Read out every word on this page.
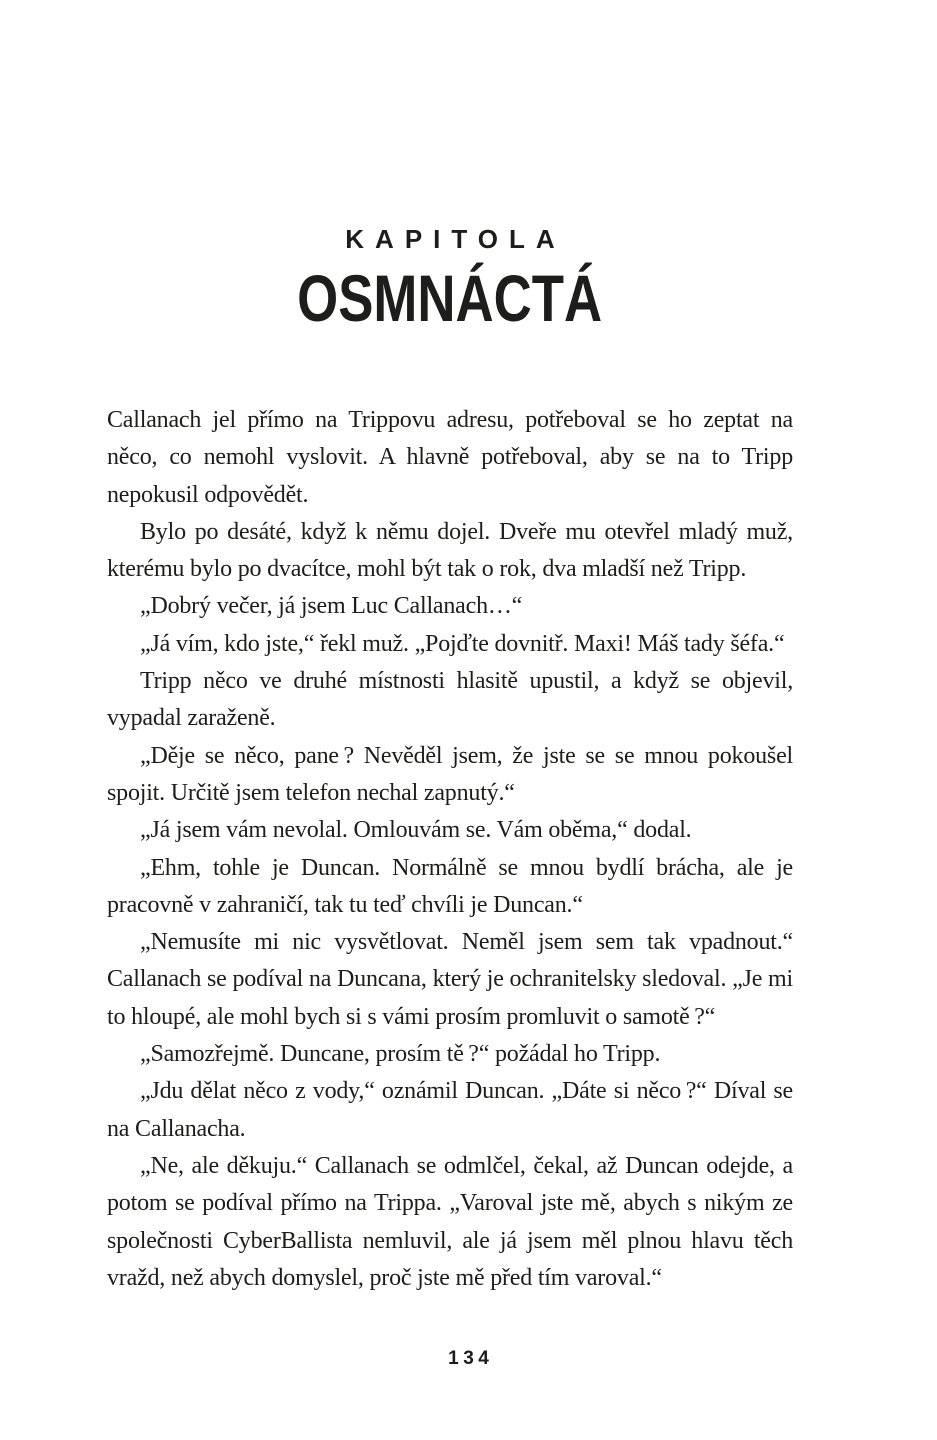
KAPITOLA
OSMNÁCTÁ

Callanach jel přímo na Trippovu adresu, potřeboval se ho zeptat na něco, co nemohl vyslovit. A hlavně potřeboval, aby se na to Tripp nepokusil odpovědět.

Bylo po desáté, když k němu dojel. Dveře mu otevřel mladý muž, kterému bylo po dvacítce, mohl být tak o rok, dva mladší než Tripp.

„Dobrý večer, já jsem Luc Callanach…“

„Já vím, kdo jste,“ řekl muž. „Pojďte dovnitř. Maxi! Máš tady šéfa.“

Tripp něco ve druhé místnosti hlasitě upustil, a když se objevil, vypadal zaraženě.

„Děje se něco, pane ? Nevěděl jsem, že jste se se mnou pokoušel spojit. Určitě jsem telefon nechal zapnutý.“

„Já jsem vám nevolal. Omlouvám se. Vám oběma,“ dodal.

„Ehm, tohle je Duncan. Normálně se mnou bydlí brácha, ale je pracovně v zahraničí, tak tu teď chvíli je Duncan.“

„Nemusíte mi nic vysvětlovat. Neměl jsem sem tak vpadnout.“ Callanach se podíval na Duncana, který je ochranitelsky sledoval. „Je mi to hloupé, ale mohl bych si s vámi prosím promluvit o samotě ?“

„Samozřejmě. Duncane, prosím tě ?“ požádal ho Tripp.

„Jdu dělat něco z vody,“ oznámil Duncan. „Dáte si něco ?“ Díval se na Callanacha.

„Ne, ale děkuju.“ Callanach se odmlčel, čekal, až Duncan odejde, a potom se podíval přímo na Trippa. „Varoval jste mě, abych s nikým ze společnosti CyberBallista nemluvil, ale já jsem měl plnou hlavu těch vražd, než abych domyslel, proč jste mě před tím varoval.“

134
